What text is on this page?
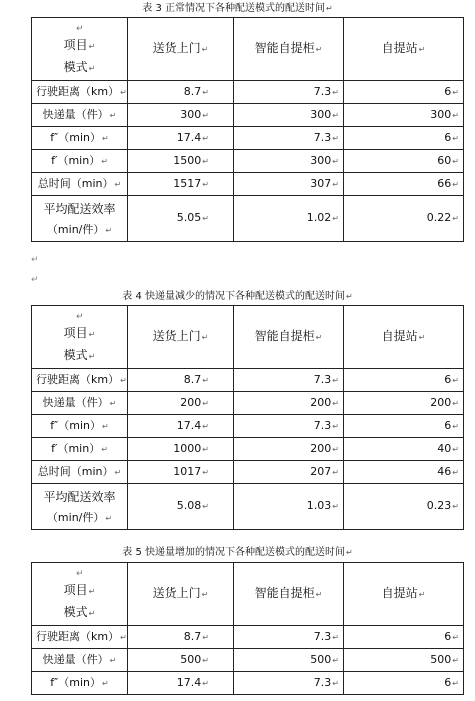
表 3 正常情况下各种配送模式的配送时间↵
↵
项目↵
模式↵	送货上门↵	智能自提柜↵	自提站↵
行驶距离（km）↵	8.7↵	7.3↵	6↵
快递量（件）↵	300↵	300↵	300↵
f″（min）↵	17.4↵	7.3↵	6↵
f′（min）↵	1500↵	300↵	60↵
总时间（min）↵	1517↵	307↵	66↵

平均配送效率
（min/件）↵	5.05↵	1.02↵	0.22↵
↵
↵
表 4 快递量减少的情况下各种配送模式的配送时间↵
↵
项目↵
模式↵	送货上门↵	智能自提柜↵	自提站↵
行驶距离（km）↵	8.7↵	7.3↵	6↵
快递量（件）↵	200↵	200↵	200↵
f″（min）↵	17.4↵	7.3↵	6↵
f′（min）↵	1000↵	200↵	40↵
总时间（min）↵	1017↵	207↵	46↵

平均配送效率
（min/件）↵	5.08↵	1.03↵	0.23↵
表 5 快递量增加的情况下各种配送模式的配送时间↵
↵
项目↵
模式↵	送货上门↵	智能自提柜↵	自提站↵
行驶距离（km）↵	8.7↵	7.3↵	6↵
快递量（件）↵	500↵	500↵	500↵
f″（min）↵	17.4↵	7.3↵	6↵
